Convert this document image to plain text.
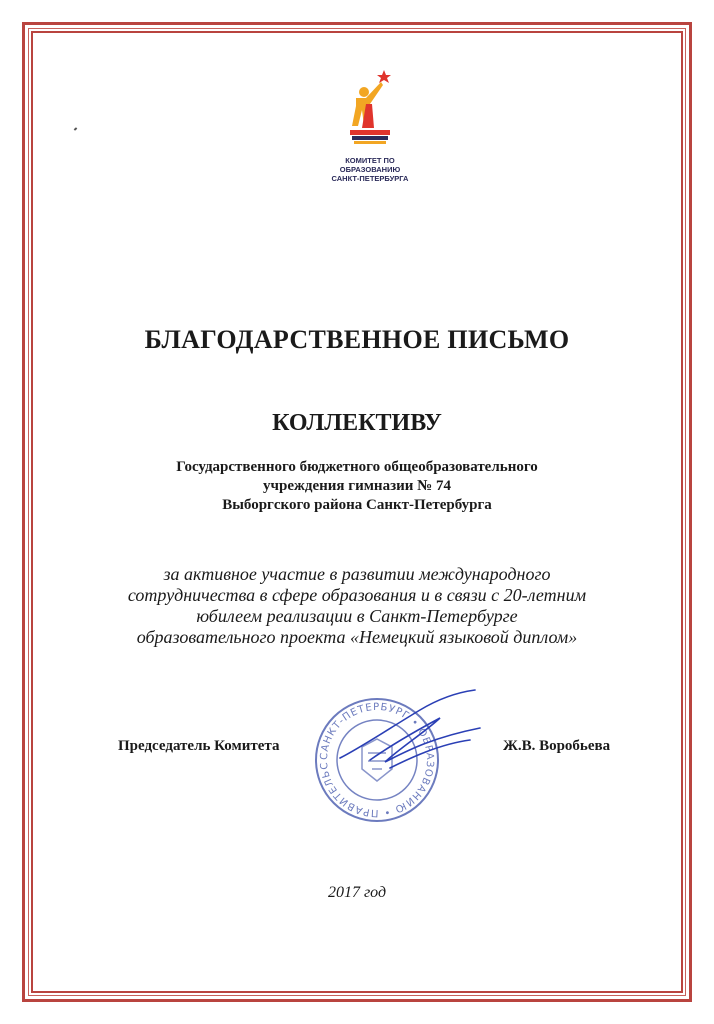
КОМИТЕТ ПО ОБРАЗОВАНИЮ
САНКТ-ПЕТЕРБУРГА
БЛАГОДАРСТВЕННОЕ ПИСЬМО
КОЛЛЕКТИВУ
Государственного бюджетного общеобразовательного
учреждения гимназии № 74
Выборгского района Санкт-Петербурга
за активное участие в развитии международного
сотрудничества в сфере образования и в связи с 20-летним
юбилеем реализации в Санкт-Петербурге
образовательного проекта «Немецкий языковой диплом»
Председатель Комитета	Ж.В. Воробьева
САНКТ-ПЕТЕРБУРГ • ОБРАЗОВАНИЮ • ПРАВИТЕЛЬС
2017 год
